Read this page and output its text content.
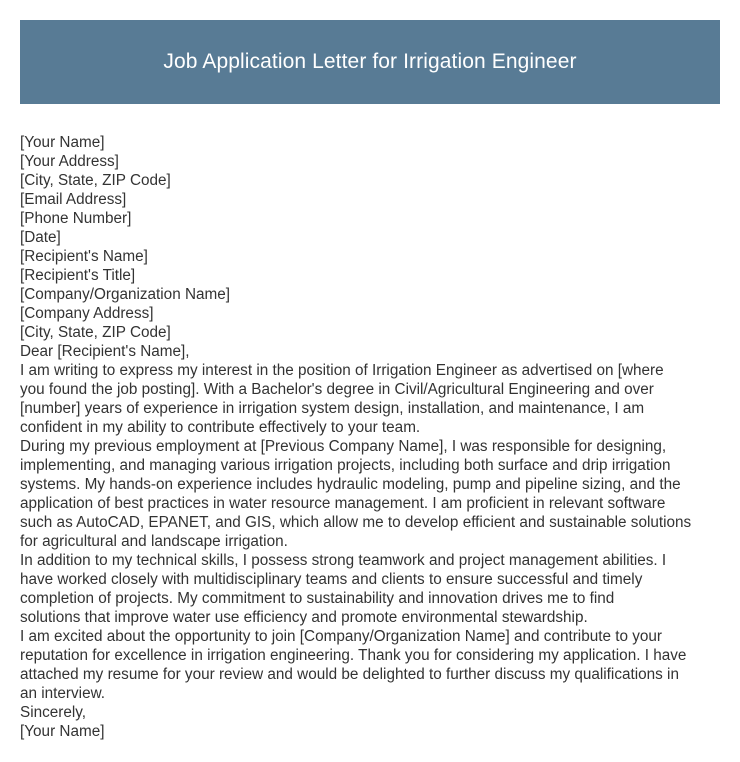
Job Application Letter for Irrigation Engineer
[Your Name]
[Your Address]
[City, State, ZIP Code]
[Email Address]
[Phone Number]
[Date]
[Recipient's Name]
[Recipient's Title]
[Company/Organization Name]
[Company Address]
[City, State, ZIP Code]
Dear [Recipient's Name],
I am writing to express my interest in the position of Irrigation Engineer as advertised on [where
you found the job posting]. With a Bachelor's degree in Civil/Agricultural Engineering and over
[number] years of experience in irrigation system design, installation, and maintenance, I am
confident in my ability to contribute effectively to your team.
During my previous employment at [Previous Company Name], I was responsible for designing,
implementing, and managing various irrigation projects, including both surface and drip irrigation
systems. My hands-on experience includes hydraulic modeling, pump and pipeline sizing, and the
application of best practices in water resource management. I am proficient in relevant software
such as AutoCAD, EPANET, and GIS, which allow me to develop efficient and sustainable solutions
for agricultural and landscape irrigation.
In addition to my technical skills, I possess strong teamwork and project management abilities. I
have worked closely with multidisciplinary teams and clients to ensure successful and timely
completion of projects. My commitment to sustainability and innovation drives me to find
solutions that improve water use efficiency and promote environmental stewardship.
I am excited about the opportunity to join [Company/Organization Name] and contribute to your
reputation for excellence in irrigation engineering. Thank you for considering my application. I have
attached my resume for your review and would be delighted to further discuss my qualifications in
an interview.
Sincerely,
[Your Name]
